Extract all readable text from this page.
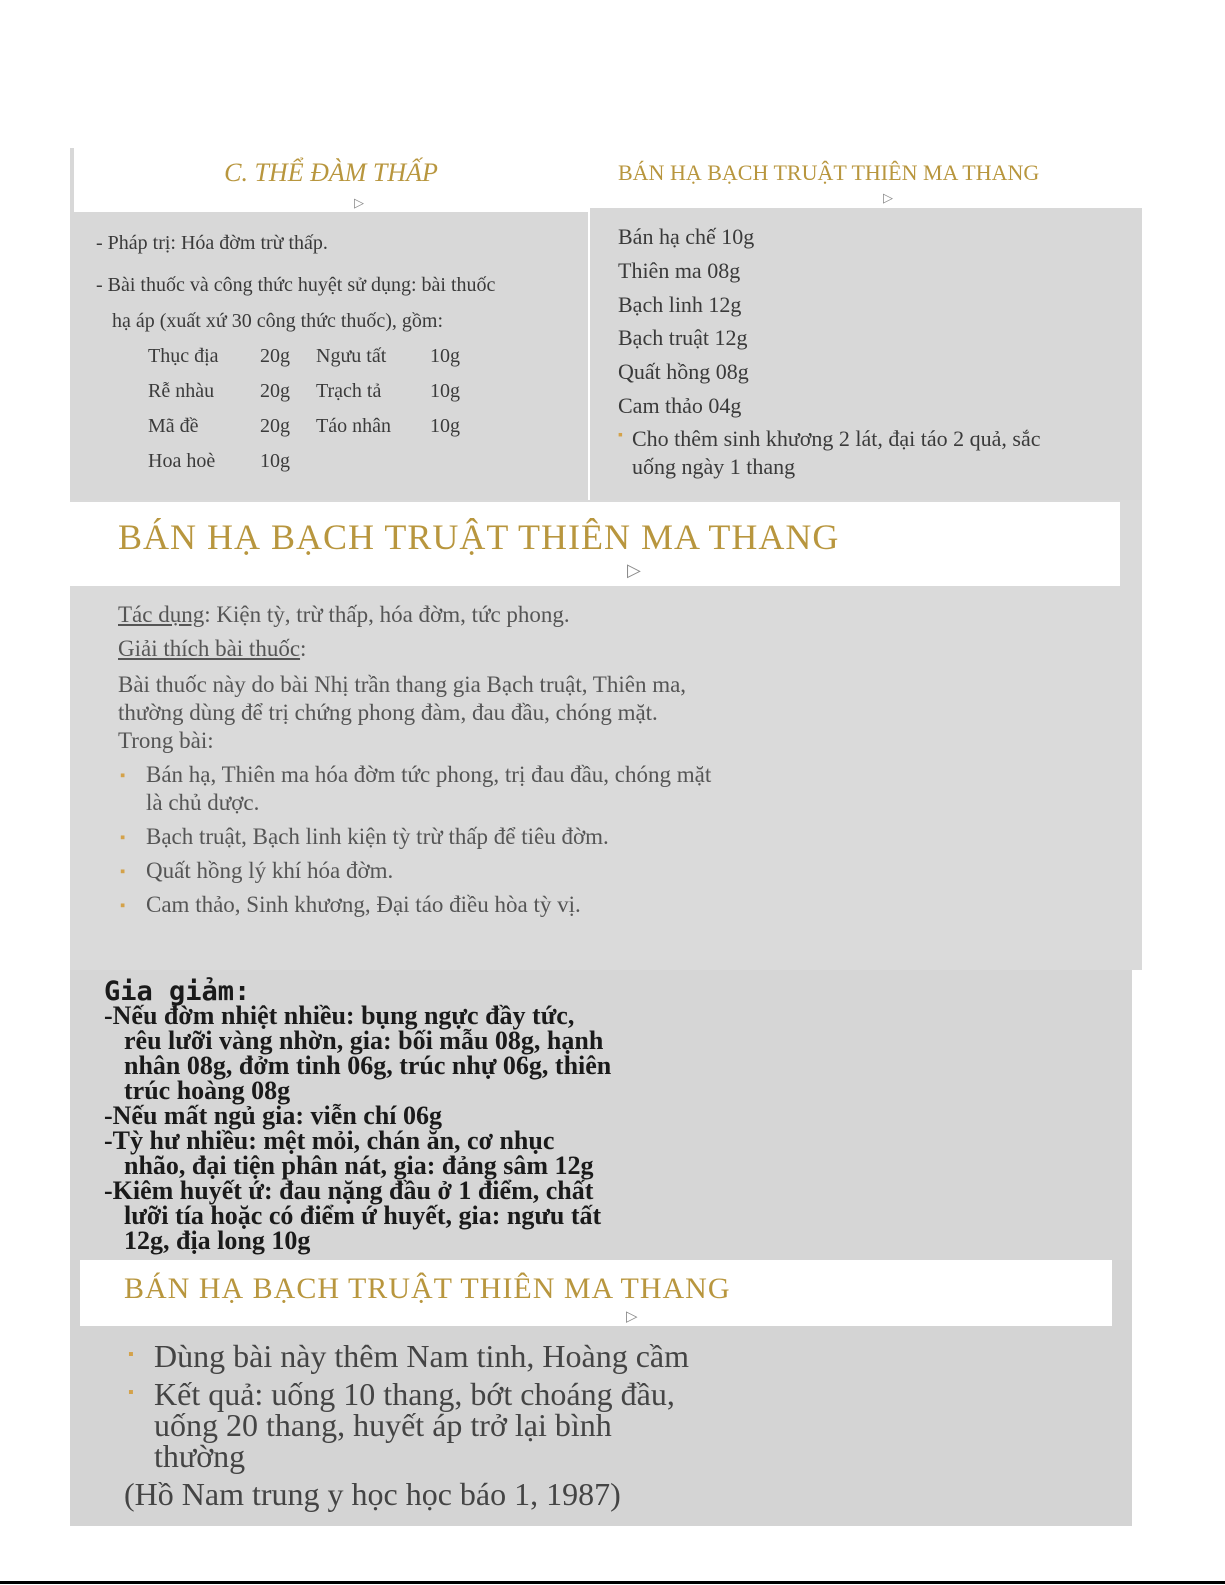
C. THỂ ĐÀM THẤP
▷
- Pháp trị: Hóa đờm trừ thấp.
- Bài thuốc và công thức huyệt sử dụng: bài thuốc
hạ áp (xuất xứ 30 công thức thuốc), gồm:
Thục địa 20g Ngưu tất 10g
Rễ nhàu 20g Trạch tả 10g
Mã đề	20g Táo nhân 10g
Hoa hoè 10g
BÁN HẠ BẠCH TRUẬT THIÊN MA THANG
▷
Bán hạ chế 10g
Thiên ma 08g
Bạch linh 12g
Bạch truật 12g
Quất hồng 08g
Cam thảo 04g
▪ Cho thêm sinh khương 2 lát, đại táo 2 quả, sắc
uống ngày 1 thang
BÁN HẠ BẠCH TRUẬT THIÊN MA THANG
▷
Tác dụng: Kiện tỳ, trừ thấp, hóa đờm, tức phong.
Giải thích bài thuốc:
Bài thuốc này do bài Nhị trần thang gia Bạch truật, Thiên ma,
thường dùng để trị chứng phong đàm, đau đầu, chóng mặt.
Trong bài:
▪ Bán hạ, Thiên ma hóa đờm tức phong, trị đau đầu, chóng mặt
là chủ dược.
▪ Bạch truật, Bạch linh kiện tỳ trừ thấp để tiêu đờm.
▪ Quất hồng lý khí hóa đờm.
▪ Cam thảo, Sinh khương, Đại táo điều hòa tỳ vị.
Gia giảm:
-Nếu đờm nhiệt nhiều: bụng ngực đầy tức,
rêu lưỡi vàng nhờn, gia: bối mẫu 08g, hạnh
nhân 08g, đởm tinh 06g, trúc nhự 06g, thiên
trúc hoàng 08g
-Nếu mất ngủ gia: viễn chí 06g
-Tỳ hư nhiều: mệt mỏi, chán ăn, cơ nhục
nhão, đại tiện phân nát, gia: đảng sâm 12g
-Kiêm huyết ứ: đau nặng đầu ở 1 điểm, chất
lưỡi tía hoặc có điểm ứ huyết, gia: ngưu tất
12g, địa long 10g
BÁN HẠ BẠCH TRUẬT THIÊN MA THANG
▷
▪ Dùng bài này thêm Nam tinh, Hoàng cầm
▪ Kết quả: uống 10 thang, bớt choáng đầu,
uống 20 thang, huyết áp trở lại bình
thường
(Hồ Nam trung y học học báo 1, 1987)
